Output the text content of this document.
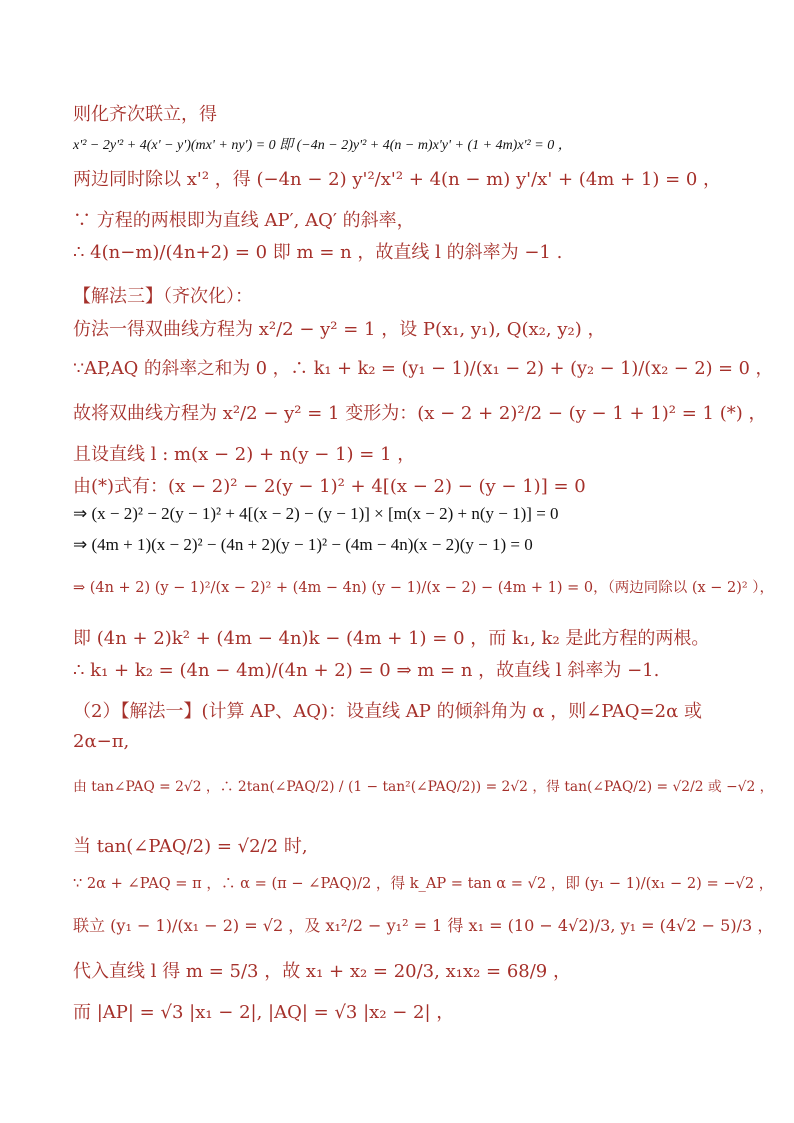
则化齐次联立，得
x'² − 2y'² + 4(x' − y')(mx' + ny') = 0 即 (−4n − 2)y'² + 4(n − m)x'y' + (1 + 4m)x'² = 0 ，
两边同时除以 x'² ，得 (−4n − 2) y'²/x'² + 4(n − m) y'/x' + (4m + 1) = 0 ，
∵ 方程的两根即为直线 AP′, AQ′ 的斜率，
∴ 4(n−m)/(4n+2) = 0 即 m = n ，故直线 l 的斜率为 −1 .
【解法三】（齐次化）：
仿法一得双曲线方程为 x²/2 − y² = 1 ，设 P(x₁, y₁), Q(x₂, y₂) ，
∵AP,AQ 的斜率之和为 0 ，∴ k₁ + k₂ = (y₁ − 1)/(x₁ − 2) + (y₂ − 1)/(x₂ − 2) = 0 ，
故将双曲线方程为 x²/2 − y² = 1 变形为：(x − 2 + 2)²/2 − (y − 1 + 1)² = 1 (*) ，
且设直线 l : m(x − 2) + n(y − 1) = 1 ，
由(*)式有：(x − 2)² − 2(y − 1)² + 4[(x − 2) − (y − 1)] = 0
⇒ (x − 2)² − 2(y − 1)² + 4[(x − 2) − (y − 1)] × [m(x − 2) + n(y − 1)] = 0
⇒ (4m + 1)(x − 2)² − (4n + 2)(y − 1)² − (4m − 4n)(x − 2)(y − 1) = 0
⇒ (4n + 2) (y − 1)²/(x − 2)² + (4m − 4n) (y − 1)/(x − 2) − (4m + 1) = 0，（两边同除以 (x − 2)² ），
即 (4n + 2)k² + (4m − 4n)k − (4m + 1) = 0 ，而 k₁, k₂ 是此方程的两根。
∴ k₁ + k₂ = (4n − 4m)/(4n + 2) = 0 ⇒ m = n ，故直线 l 斜率为 −1.
（2）【解法一】(计算 AP、AQ)：设直线 AP 的倾斜角为 α ，则∠PAQ=2α 或
2α−π,
由 tan∠PAQ = 2√2 ，∴ 2tan(∠PAQ/2) / (1 − tan²(∠PAQ/2)) = 2√2 ，得 tan(∠PAQ/2) = √2/2 或 −√2 ，
当 tan(∠PAQ/2) = √2/2 时,
∵ 2α + ∠PAQ = π ，∴ α = (π − ∠PAQ)/2 ，得 k_AP = tan α = √2 ，即 (y₁ − 1)/(x₁ − 2) = −√2 ，
联立 (y₁ − 1)/(x₁ − 2) = √2 ，及 x₁²/2 − y₁² = 1 得 x₁ = (10 − 4√2)/3, y₁ = (4√2 − 5)/3 ，
代入直线 l 得 m = 5/3 ，故 x₁ + x₂ = 20/3, x₁x₂ = 68/9 ，
而 |AP| = √3 |x₁ − 2|, |AQ| = √3 |x₂ − 2| ，
